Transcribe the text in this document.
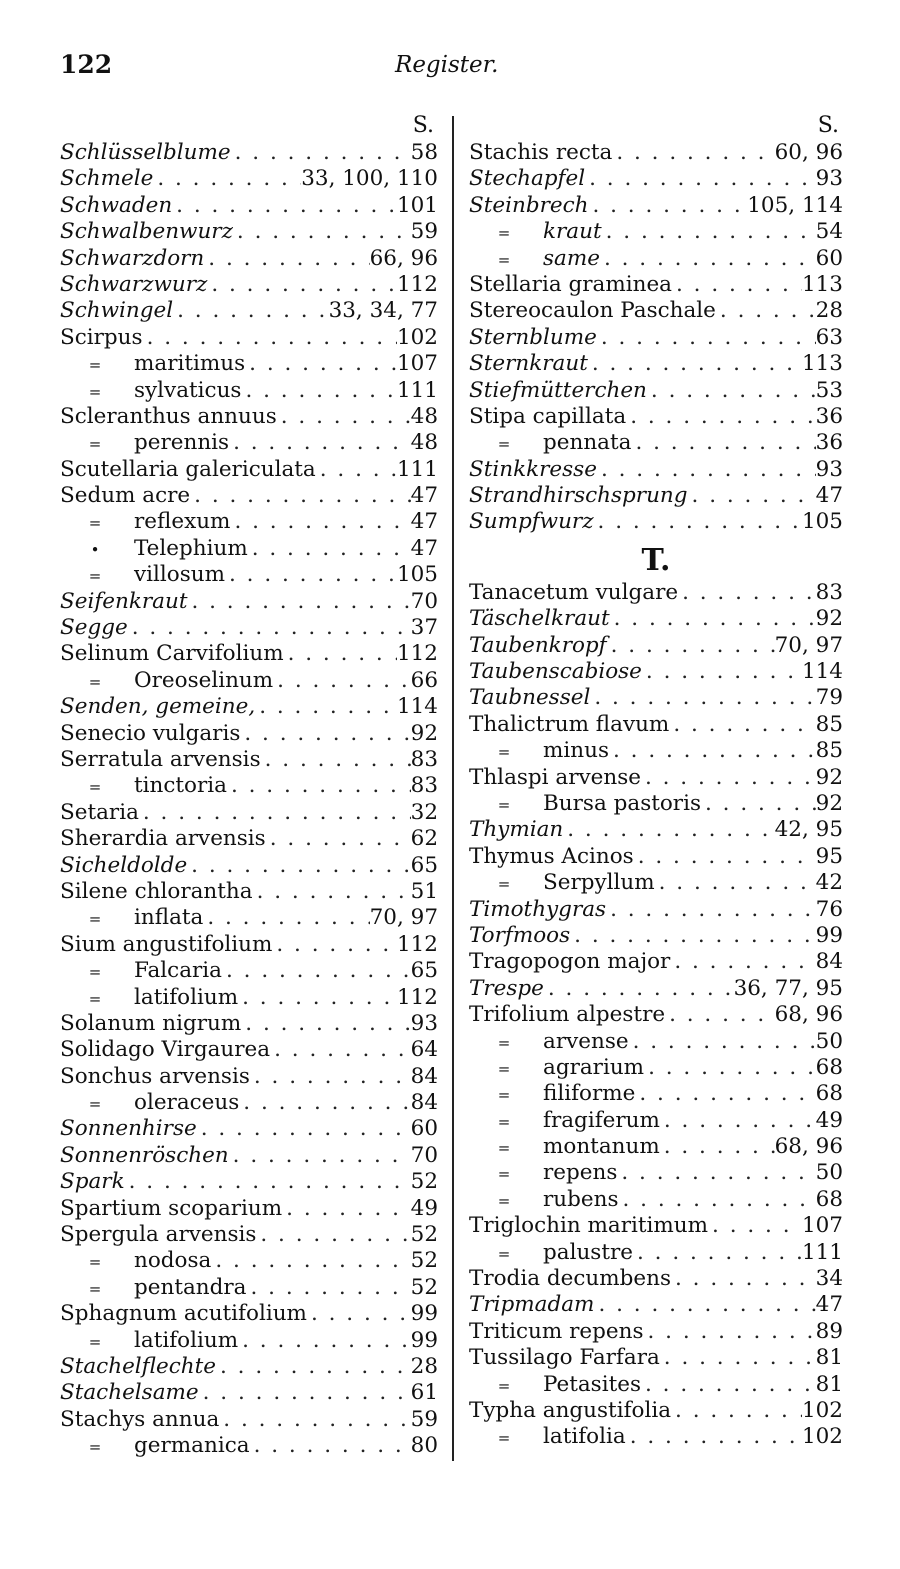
122	Register.
S.
Schlüsselblume . . .	58
Schmele . . .	33, 100, 110
Schwaden . . .	101
Schwalbenwurz . . .	59
Schwarzdorn . . .	66, 96
Schwarzwurz . . .	112
Schwingel . . .	33, 34, 77
Scirpus . . .	102
= maritimus . . .	107
= sylvaticus . . .	111
Scleranthus annuus . . .	48
= perennis . . .	48
Scutellaria galericulata . . .	111
Sedum acre . . .	47
= reflexum . . .	47
• Telephium . . .	47
= villosum . . .	105
Seifenkraut . . .	70
Segge . . .	37
Selinum Carvifolium . . .	112
= Oreoselinum . . .	66
Senden, gemeine, . . .	114
Senecio vulgaris . . .	92
Serratula arvensis . . .	83
= tinctoria . . .	83
Setaria . . .	32
Sherardia arvensis . . .	62
Sicheldolde . . .	65
Silene chlorantha . . .	51
= inflata . . .	70, 97
Sium angustifolium . . .	112
= Falcaria . . .	65
= latifolium . . .	112
Solanum nigrum . . .	93
Solidago Virgaurea . . .	64
Sonchus arvensis . . .	84
= oleraceus . . .	84
Sonnenhirse . . .	60
Sonnenröschen . . .	70
Spark . . .	52
Spartium scoparium . . .	49
Spergula arvensis . . .	52
= nodosa . . .	52
= pentandra . . .	52
Sphagnum acutifolium . . .	99
= latifolium . . .	99
Stachelflechte . . .	28
Stachelsame . . .	61
Stachys annua . . .	59
= germanica . . .	80
S.
Stachis recta . . .	60, 96
Stechapfel . . .	93
Steinbrech . . .	105, 114
= kraut . . .	54
= same . . .	60
Stellaria graminea . . .	113
Stereocaulon Paschale . . .	28
Sternblume . . .	63
Sternkraut . . .	113
Stiefmütterchen . . .	53
Stipa capillata . . .	36
= pennata . . .	36
Stinkkresse . . .	93
Strandhirschsprung . . .	47
Sumpfwurz . . .	105
T.
Tanacetum vulgare . . .	83
Täschelkraut . . .	92
Taubenkropf . . .	70, 97
Taubenscabiose . . .	114
Taubnessel . . .	79
Thalictrum flavum . . .	85
= minus . . .	85
Thlaspi arvense . . .	92
= Bursa pastoris . . .	92
Thymian . . .	42, 95
Thymus Acinos . . .	95
= Serpyllum . . .	42
Timothygras . . .	76
Torfmoos . . .	99
Tragopogon major . . .	84
Trespe . . .	36, 77, 95
Trifolium alpestre . . .	68, 96
= arvense . . .	50
= agrarium . . .	68
= filiforme . . .	68
= fragiferum . . .	49
= montanum . . .	68, 96
= repens . . .	50
= rubens . . .	68
Triglochin maritimum . . .	107
= palustre . . .	111
Trodia decumbens . . .	34
Tripmadam . . .	47
Triticum repens . . .	89
Tussilago Farfara . . .	81
= Petasites . . .	81
Typha angustifolia . . .	102
= latifolia . . .	102
